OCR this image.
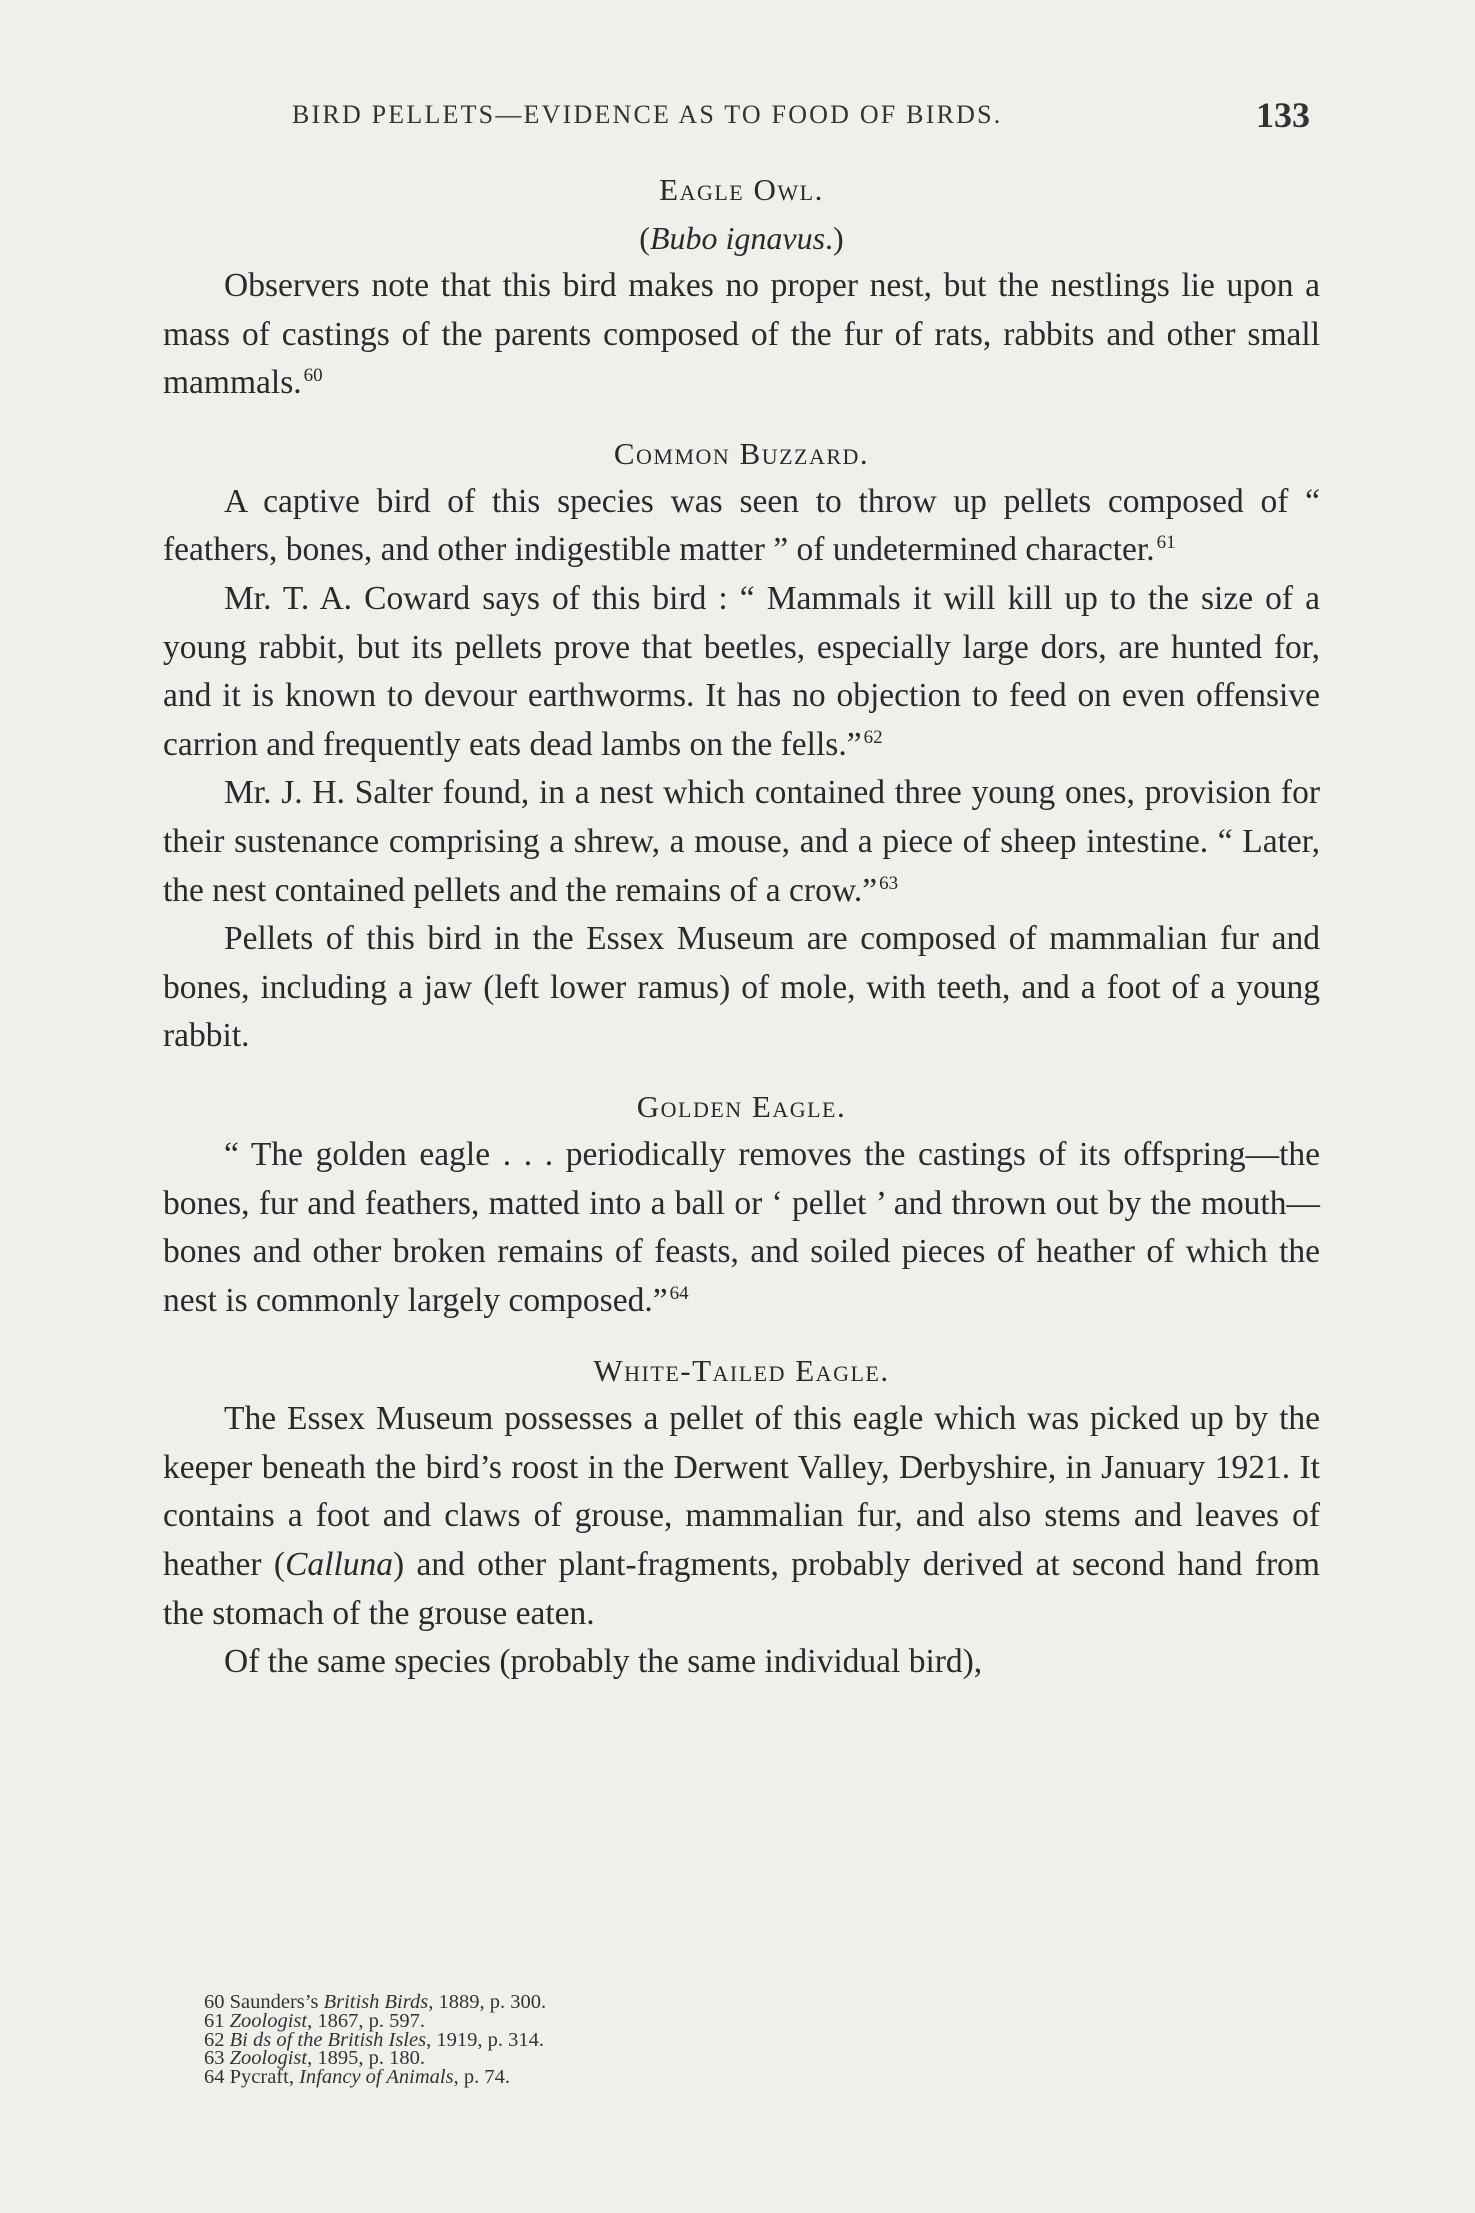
BIRD PELLETS—EVIDENCE AS TO FOOD OF BIRDS.	133
Eagle Owl.
(Bubo ignavus.)

Observers note that this bird makes no proper nest, but the nestlings lie upon a mass of castings of the parents composed of the fur of rats, rabbits and other small mammals. $^{60}$

Common Buzzard.

A captive bird of this species was seen to throw up pellets composed of “ feathers, bones, and other indigestible matter ” of undetermined character. $^{61}$

Mr. T. A. Coward says of this bird : “ Mammals it will kill up to the size of a young rabbit, but its pellets prove that beetles, especially large dors, are hunted for, and it is known to devour earthworms. It has no objection to feed on even offensive carrion and frequently eats dead lambs on the fells.” $^{62}$

Mr. J. H. Salter found, in a nest which contained three young ones, provision for their sustenance comprising a shrew, a mouse, and a piece of sheep intestine. “ Later, the nest contained pellets and the remains of a crow.” $^{63}$

Pellets of this bird in the Essex Museum are composed of mammalian fur and bones, including a jaw (left lower ramus) of mole, with teeth, and a foot of a young rabbit.

Golden Eagle.

“ The golden eagle . . . periodically removes the castings of its offspring—the bones, fur and feathers, matted into a ball or ‘ pellet ’ and thrown out by the mouth—bones and other broken remains of feasts, and soiled pieces of heather of which the nest is commonly largely composed.” $^{64}$

White-Tailed Eagle.

The Essex Museum possesses a pellet of this eagle which was picked up by the keeper beneath the bird’s roost in the Derwent Valley, Derbyshire, in January 1921. It contains a foot and claws of grouse, mammalian fur, and also stems and leaves of heather (Calluna) and other plant-fragments, probably derived at second hand from the stomach of the grouse eaten.

Of the same species (probably the same individual bird),

60 Saunders’s British Birds, 1889, p. 300.
61 Zoologist, 1867, p. 597.
62 Bi ds of the British Isles, 1919, p. 314.
63 Zoologist, 1895, p. 180.
64 Pycraft, Infancy of Animals, p. 74.
